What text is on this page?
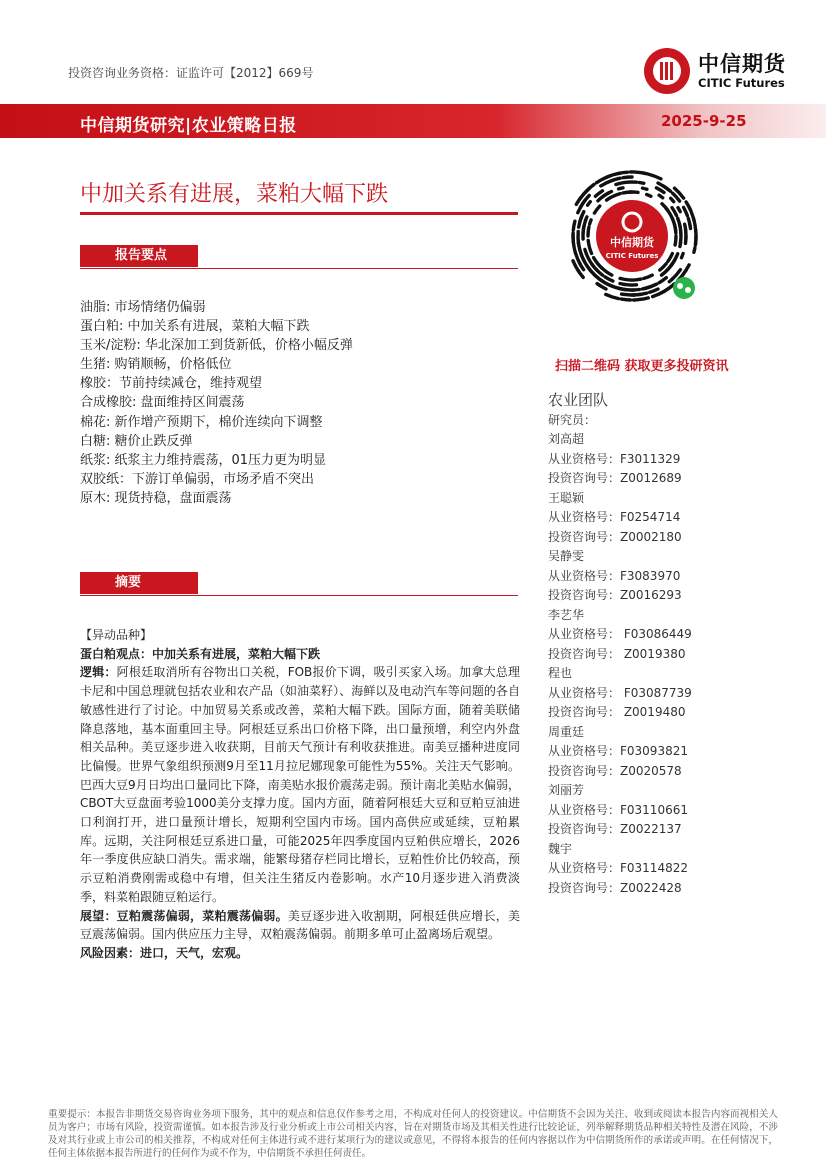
投资咨询业务资格：证监许可【2012】669号	中信期货
CITIC Futures
中信期货研究|农业策略日报	2025-9-25
中加关系有进展，菜粕大幅下跌
报告要点
油脂: 市场情绪仍偏弱
蛋白粕: 中加关系有进展，菜粕大幅下跌
玉米/淀粉: 华北深加工到货新低，价格小幅反弹
生猪: 购销顺畅，价格低位
橡胶：节前持续减仓，维持观望
合成橡胶: 盘面维持区间震荡
棉花: 新作增产预期下，棉价连续向下调整
白糖: 糖价止跌反弹
纸浆: 纸浆主力维持震荡，01压力更为明显
双胶纸：下游订单偏弱，市场矛盾不突出
原木: 现货持稳，盘面震荡
摘要

【异动品种】

蛋白粕观点：中加关系有进展，菜粕大幅下跌

逻辑：阿根廷取消所有谷物出口关税，FOB报价下调，吸引买家入场。加拿大总理卡尼和中国总理就包括农业和农产品（如油菜籽）、海鲜以及电动汽车等问题的各自敏感性进行了讨论。中加贸易关系或改善，菜粕大幅下跌。国际方面，随着美联储降息落地，基本面重回主导。阿根廷豆系出口价格下降，出口量预增，利空内外盘相关品种。美豆逐步进入收获期，目前天气预计有利收获推进。南美豆播种进度同比偏慢。世界气象组织预测9月至11月拉尼娜现象可能性为55%。关注天气影响。巴西大豆9月日均出口量同比下降，南美贴水报价震荡走弱。预计南北美贴水偏弱，CBOT大豆盘面考验1000美分支撑力度。国内方面，随着阿根廷大豆和豆粕豆油进口利润打开，进口量预计增长，短期利空国内市场。国内高供应或延续，豆粕累库。远期，关注阿根廷豆系进口量，可能2025年四季度国内豆粕供应增长，2026年一季度供应缺口消失。需求端，能繁母猪存栏同比增长，豆粕性价比仍较高，预示豆粕消费刚需或稳中有增，但关注生猪反内卷影响。水产10月逐步进入消费淡季，料菜粕跟随豆粕运行。

展望：豆粕震荡偏弱，菜粕震荡偏弱。美豆逐步进入收割期，阿根廷供应增长，美豆震荡偏弱。国内供应压力主导，双粕震荡偏弱。前期多单可止盈离场后观望。

风险因素：进口，天气，宏观。

中信期货
CITIC Futures
扫描二维码 获取更多投研资讯
农业团队
研究员：
刘高超
从业资格号：F3011329
投资咨询号：Z0012689
王聪颖
从业资格号：F0254714
投资咨询号：Z0002180
吴静雯
从业资格号：F3083970
投资咨询号：Z0016293
李艺华
从业资格号： F03086449
投资咨询号： Z0019380
程也
从业资格号： F03087739
投资咨询号： Z0019480
周重廷
从业资格号：F03093821
投资咨询号：Z0020578
刘丽芳
从业资格号：F03110661
投资咨询号：Z0022137
魏宇
从业资格号：F03114822
投资咨询号：Z0022428
重要提示：本报告非期货交易咨询业务项下服务，其中的观点和信息仅作参考之用，不构成对任何人的投资建议。中信期货不会因为关注、收到或阅读本报告内容而视相关人员为客户；市场有风险，投资需谨慎。如本报告涉及行业分析或上市公司相关内容，旨在对期货市场及其相关性进行比较论证，列举解释期货品种相关特性及潜在风险，不涉及对其行业或上市公司的相关推荐，不构成对任何主体进行或不进行某项行为的建议或意见，不得将本报告的任何内容据以作为中信期货所作的承诺或声明。在任何情况下，任何主体依据本报告所进行的任何作为或不作为，中信期货不承担任何责任。
